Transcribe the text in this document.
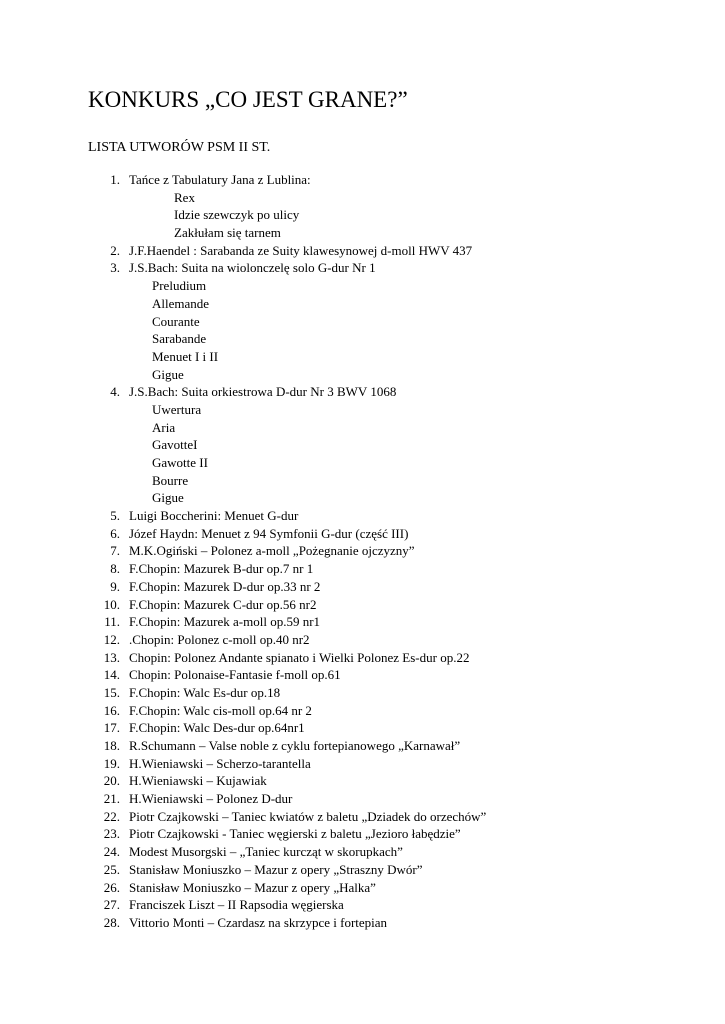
KONKURS „CO JEST GRANE?”
LISTA UTWORÓW PSM II ST.
1. Tańce z Tabulatury Jana z Lublina:
Rex
Idzie szewczyk po ulicy
Zakłułam się tarnem
2. J.F.Haendel : Sarabanda ze Suity klawesynowej d-moll HWV 437
3. J.S.Bach: Suita na wiolonczelę solo G-dur Nr 1
Preludium
Allemande
Courante
Sarabande
Menuet I i II
Gigue
4. J.S.Bach: Suita orkiestrowa D-dur Nr 3 BWV 1068
Uwertura
Aria
GavotteI
Gawotte II
Bourre
Gigue
5. Luigi Boccherini: Menuet G-dur
6. Józef Haydn: Menuet z 94 Symfonii G-dur (część III)
7. M.K.Ogiński – Polonez a-moll „Pożegnanie ojczyzny”
8. F.Chopin: Mazurek B-dur op.7 nr 1
9. F.Chopin: Mazurek D-dur op.33 nr 2
10. F.Chopin: Mazurek C-dur op.56 nr2
11. F.Chopin: Mazurek a-moll op.59 nr1
12. .Chopin: Polonez c-moll op.40 nr2
13. Chopin: Polonez Andante spianato i Wielki Polonez Es-dur op.22
14. Chopin: Polonaise-Fantasie f-moll op.61
15. F.Chopin: Walc Es-dur op.18
16. F.Chopin: Walc cis-moll op.64 nr 2
17. F.Chopin: Walc Des-dur op.64nr1
18. R.Schumann – Valse noble z cyklu fortepianowego „Karnawał”
19. H.Wieniawski – Scherzo-tarantella
20. H.Wieniawski – Kujawiak
21. H.Wieniawski – Polonez D-dur
22. Piotr Czajkowski – Taniec kwiatów z baletu „Dziadek do orzechów”
23. Piotr Czajkowski - Taniec węgierski z baletu „Jezioro łabędzie”
24. Modest Musorgski – „Taniec kurcząt w skorupkach”
25. Stanisław Moniuszko – Mazur z opery „Straszny Dwór”
26. Stanisław Moniuszko – Mazur z opery „Halka”
27. Franciszek Liszt – II Rapsodia węgierska
28. Vittorio Monti – Czardasz na skrzypce i fortepian
